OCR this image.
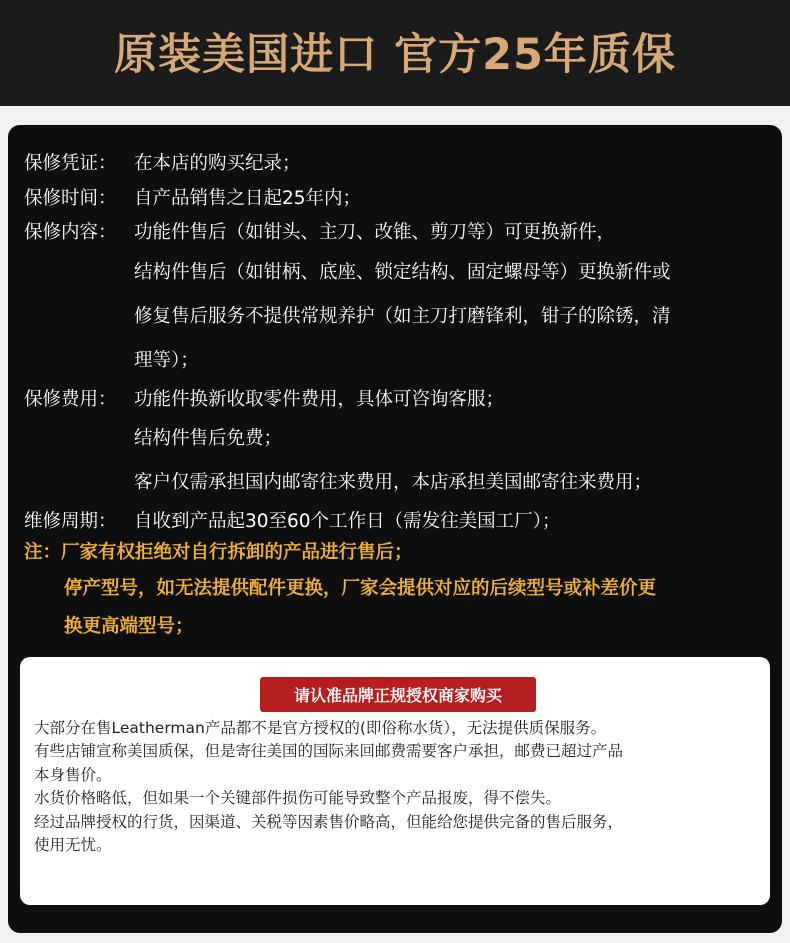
原装美国进口 官方25年质保
保修凭证： 在本店的购买纪录；
保修时间： 自产品销售之日起25年内；
保修内容： 功能件售后（如钳头、主刀、改锥、剪刀等）可更换新件，
结构件售后（如钳柄、底座、锁定结构、固定螺母等）更换新件或
修复售后服务不提供常规养护（如主刀打磨锋利，钳子的除锈，清
理等）；
保修费用： 功能件换新收取零件费用，具体可咨询客服；
结构件售后免费；
客户仅需承担国内邮寄往来费用，本店承担美国邮寄往来费用；
维修周期： 自收到产品起30至60个工作日（需发往美国工厂）；
注：厂家有权拒绝对自行拆卸的产品进行售后；
停产型号，如无法提供配件更换，厂家会提供对应的后续型号或补差价更
换更高端型号；
请认准品牌正规授权商家购买
大部分在售Leatherman产品都不是官方授权的(即俗称水货），无法提供质保服务。
有些店铺宣称美国质保，但是寄往美国的国际来回邮费需要客户承担，邮费已超过产品
本身售价。
水货价格略低，但如果一个关键部件损伤可能导致整个产品报废，得不偿失。
经过品牌授权的行货，因渠道、关税等因素售价略高，但能给您提供完备的售后服务，
使用无忧。
